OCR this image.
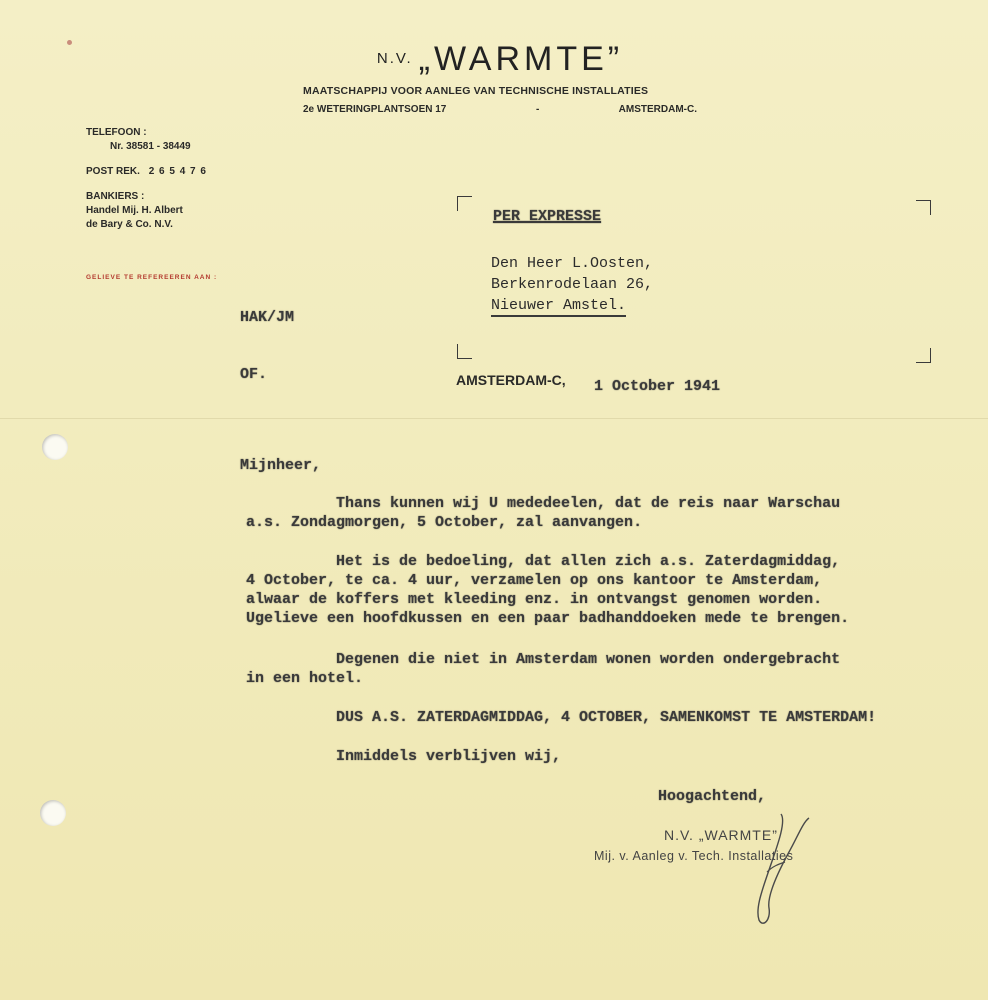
N.V. „WARMTE”
MAATSCHAPPIJ VOOR AANLEG VAN TECHNISCHE INSTALLATIES
2e WETERINGPLANTSOEN 17	-	AMSTERDAM-C.
TELEFOON :
Nr. 38581 - 38449
POST REK. 2 6 5 4 7 6
BANKIERS :
Handel Mij. H. Albert
de Bary & Co. N.V.
GELIEVE TE REFEREEREN AAN :

HAK/JM

OF.

PER EXPRESSE
Den Heer L.Oosten,
Berkenrodelaan 26,
Nieuwer Amstel.
AMSTERDAM-C, 1 October 1941
Mijnheer,
Thans kunnen wij U mededeelen, dat de reis naar Warschau
a.s. Zondagmorgen, 5 October, zal aanvangen.
Het is de bedoeling, dat allen zich a.s. Zaterdagmiddag,
4 October, te ca. 4 uur, verzamelen op ons kantoor te Amsterdam,
alwaar de koffers met kleeding enz. in ontvangst genomen worden.
Ugelieve een hoofdkussen en een paar badhanddoeken mede te brengen.
Degenen die niet in Amsterdam wonen worden ondergebracht
in een hotel.
DUS A.S. ZATERDAGMIDDAG, 4 OCTOBER, SAMENKOMST TE AMSTERDAM!
Inmiddels verblijven wij,
Hoogachtend,
N.V. „WARMTE”
Mij. v. Aanleg v. Tech. Installaties
